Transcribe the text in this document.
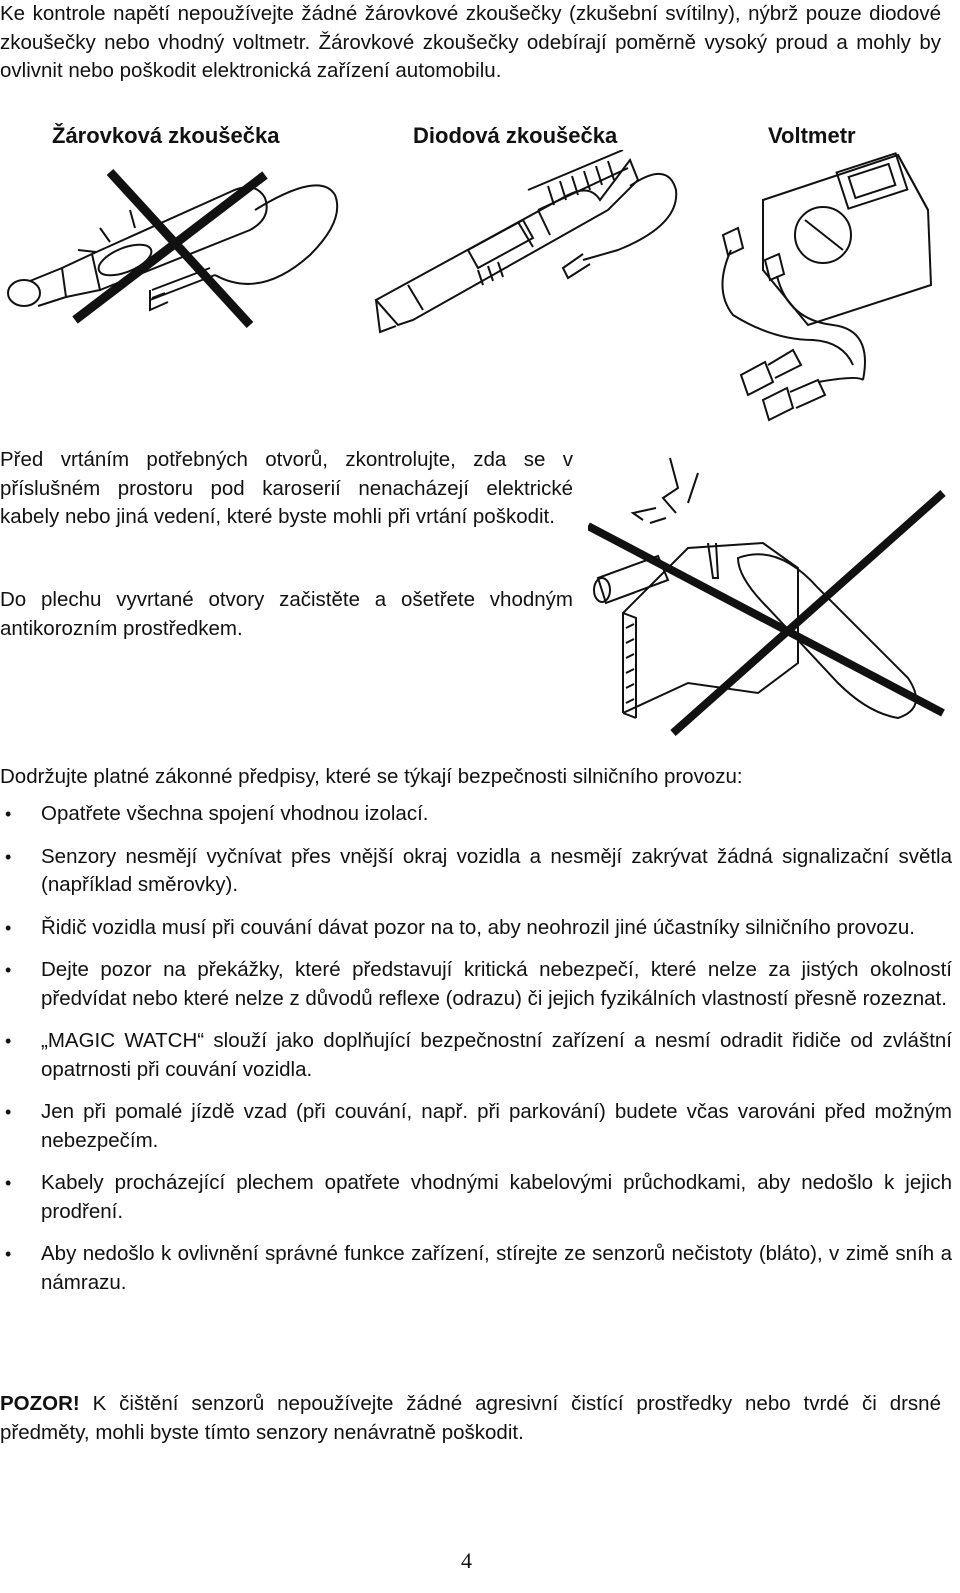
Ke kontrole napětí nepoužívejte žádné žárovkové zkoušečky (zkušební svítilny), nýbrž pouze diodové zkoušečky nebo vhodný voltmetr. Žárovkové zkoušečky odebírají poměrně vysoký proud a mohly by ovlivnit nebo poškodit elektronická zařízení automobilu.

Žárovková zkoušečka	Diodová zkoušečka	Voltmetr

Před vrtáním potřebných otvorů, zkontrolujte, zda se v příslušném prostoru pod karoserií nenacházejí elektrické kabely nebo jiná vedení, které byste mohli při vrtání poškodit.

Do plechu vyvrtané otvory začistěte a ošetřete vhodným antikorozním prostředkem.

Dodržujte platné zákonné předpisy, které se týkají bezpečnosti silničního provozu:

• Opatřete všechna spojení vhodnou izolací.
• Senzory nesmějí vyčnívat přes vnější okraj vozidla a nesmějí zakrývat žádná signalizační světla (například směrovky).
• Řidič vozidla musí při couvání dávat pozor na to, aby neohrozil jiné účastníky silničního provozu.
• Dejte pozor na překážky, které představují kritická nebezpečí, které nelze za jistých okolností předvídat nebo které nelze z důvodů reflexe (odrazu) či jejich fyzikálních vlastností přesně rozeznat.
• „MAGIC WATCH“ slouží jako doplňující bezpečnostní zařízení a nesmí odradit řidiče od zvláštní opatrnosti při couvání vozidla.
• Jen při pomalé jízdě vzad (při couvání, např. při parkování) budete včas varováni před možným nebezpečím.
• Kabely procházející plechem opatřete vhodnými kabelovými průchodkami, aby nedošlo k jejich prodření.
• Aby nedošlo k ovlivnění správné funkce zařízení, stírejte ze senzorů nečistoty (bláto), v zimě sníh a námrazu.

POZOR! K čištění senzorů nepoužívejte žádné agresivní čistící prostředky nebo tvrdé či drsné předměty, mohli byste tímto senzory nenávratně poškodit.

4
